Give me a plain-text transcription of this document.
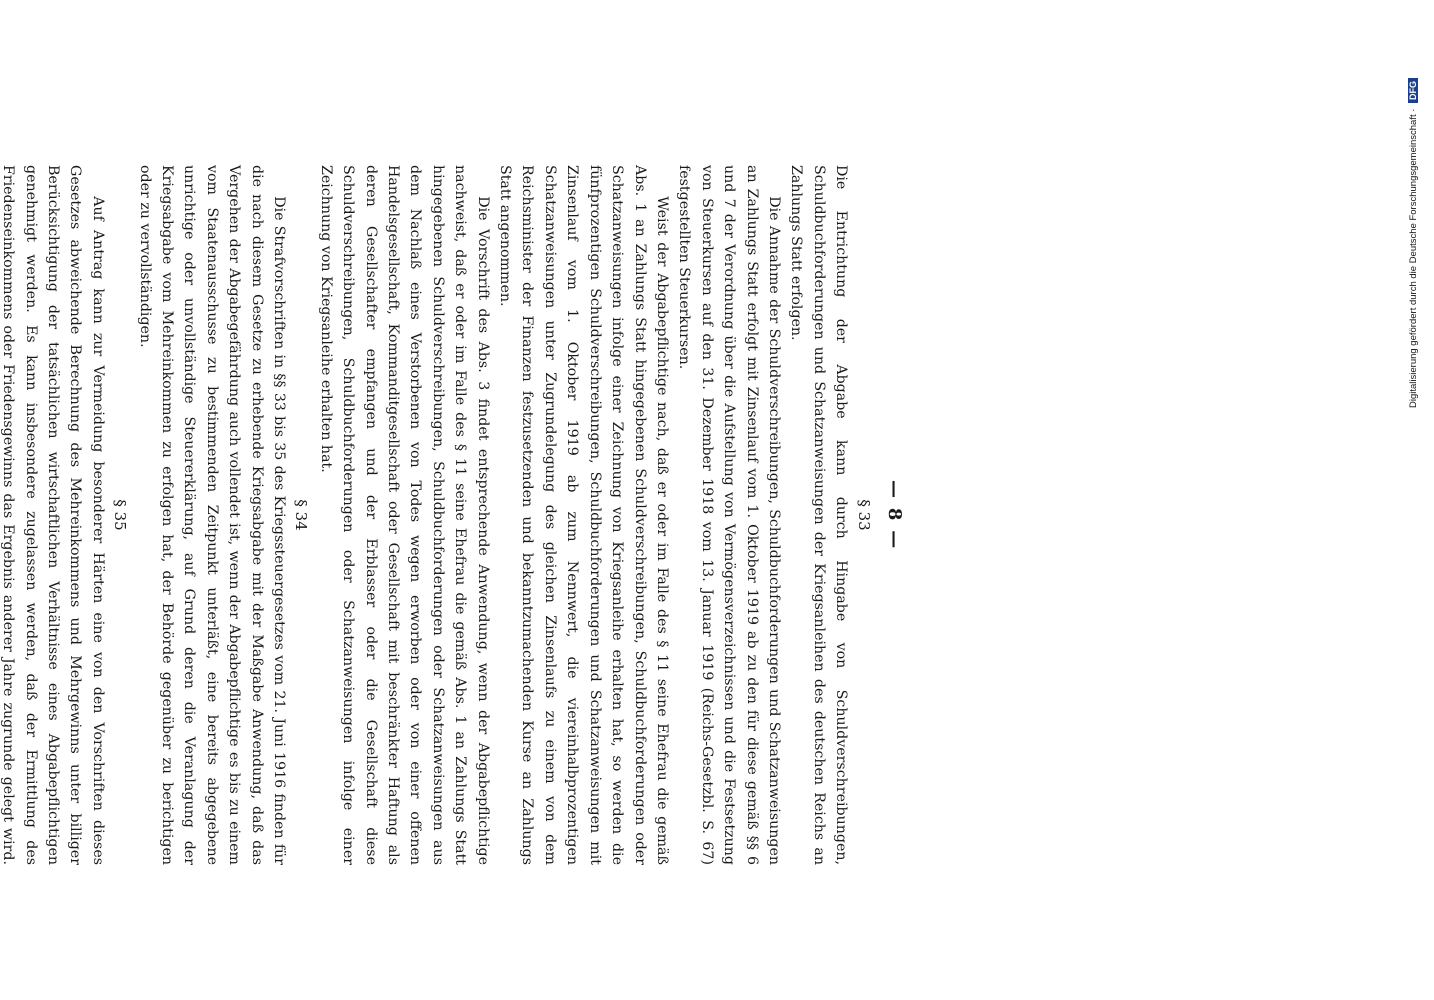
— 8 —
§ 33

Die Entrichtung der Abgabe kann durch Hingabe von Schuldverschreibungen, Schuldbuchforderungen und Schatzanweisungen der Kriegsanleihen des deutschen Reichs an Zahlungs Statt erfolgen.

Die Annahme der Schuldverschreibungen, Schuldbuchforderungen und Schatzanweisungen an Zahlungs Statt erfolgt mit Zinsenlauf vom 1. Oktober 1919 ab zu den für diese gemäß §§ 6 und 7 der Verordnung über die Aufstellung von Vermögensverzeichnissen und die Festsetzung von Steuerkursen auf den 31. Dezember 1918 vom 13. Januar 1919 (Reichs-Gesetzbl. S. 67) festgestellten Steuerkursen.

Weist der Abgabepflichtige nach, daß er oder im Falle des § 11 seine Ehefrau die gemäß Abs. 1 an Zahlungs Statt hingegebenen Schuldverschreibungen, Schuldbuchforderungen oder Schatzanweisungen infolge einer Zeichnung von Kriegsanleihe erhalten hat, so werden die fünfprozentigen Schuldverschreibungen, Schuldbuchforderungen und Schatzanweisungen mit Zinsenlauf vom 1. Oktober 1919 ab zum Nennwert, die viereinhalbprozentigen Schatzanweisungen unter Zugrundelegung des gleichen Zinsenlaufs zu einem von dem Reichsminister der Finanzen festzusetzenden und bekanntzumachenden Kurse an Zahlungs Statt angenommen.

Die Vorschrift des Abs. 3 findet entsprechende Anwendung, wenn der Abgabepflichtige nachweist, daß er oder im Falle des § 11 seine Ehefrau die gemäß Abs. 1 an Zahlungs Statt hingegebenen Schuldverschreibungen, Schuldbuchforderungen oder Schatzanweisungen aus dem Nachlaß eines Verstorbenen von Todes wegen erworben oder von einer offenen Handelsgesellschaft, Kommanditgesellschaft oder Gesellschaft mit beschränkter Haftung als deren Gesellschafter empfangen und der Erblasser oder die Gesellschaft diese Schuldverschreibungen, Schuldbuchforderungen oder Schatzanweisungen infolge einer Zeichnung von Kriegsanleihe erhalten hat.

§ 34

Die Strafvorschriften in §§ 33 bis 35 des Kriegssteuergesetzes vom 21. Juni 1916 finden für die nach diesem Gesetze zu erhebende Kriegsabgabe mit der Maßgabe Anwendung, daß das Vergehen der Abgabegefährdung auch vollendet ist, wenn der Abgabepflichtige es bis zu einem vom Staatenausschusse zu bestimmenden Zeitpunkt unterläßt, eine bereits abgegebene unrichtige oder unvollständige Steuererklärung, auf Grund deren die Veranlagung der Kriegsabgabe vom Mehreinkommen zu erfolgen hat, der Behörde gegenüber zu berichtigen oder zu vervollständigen.

§ 35

Auf Antrag kann zur Vermeidung besonderer Härten eine von den Vorschriften dieses Gesetzes abweichende Berechnung des Mehreinkommens und Mehrgewinns unter billiger Berücksichtigung der tatsächlichen wirtschaftlichen Verhältnisse eines Abgabepflichtigen genehmigt werden. Es kann insbesondere zugelassen werden, daß der Ermittlung des Friedenseinkommens oder Friedensgewinns das Ergebnis anderer Jahre zugrunde gelegt wird.

Digitalisierung gefördert durch die Deutsche Forschungsgemeinschaft · DFG
